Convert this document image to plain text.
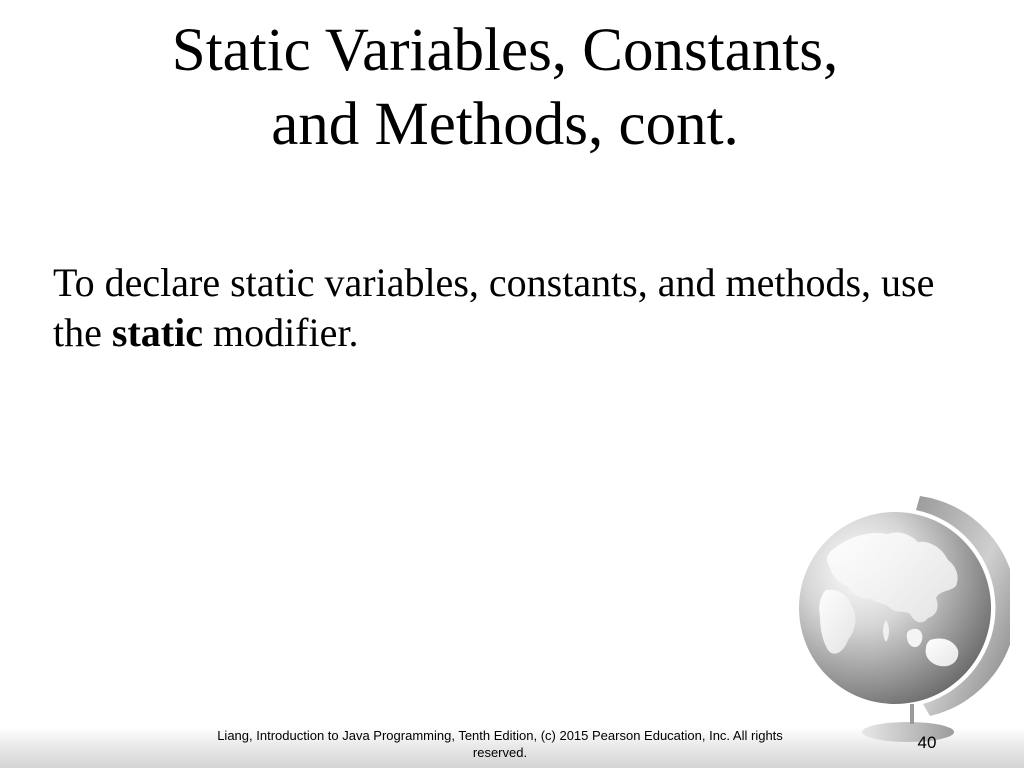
Static Variables, Constants,
and Methods, cont.

To declare static variables, constants, and methods, use the static modifier.

Liang, Introduction to Java Programming, Tenth Edition, (c) 2015 Pearson Education, Inc. All rights reserved.
40
